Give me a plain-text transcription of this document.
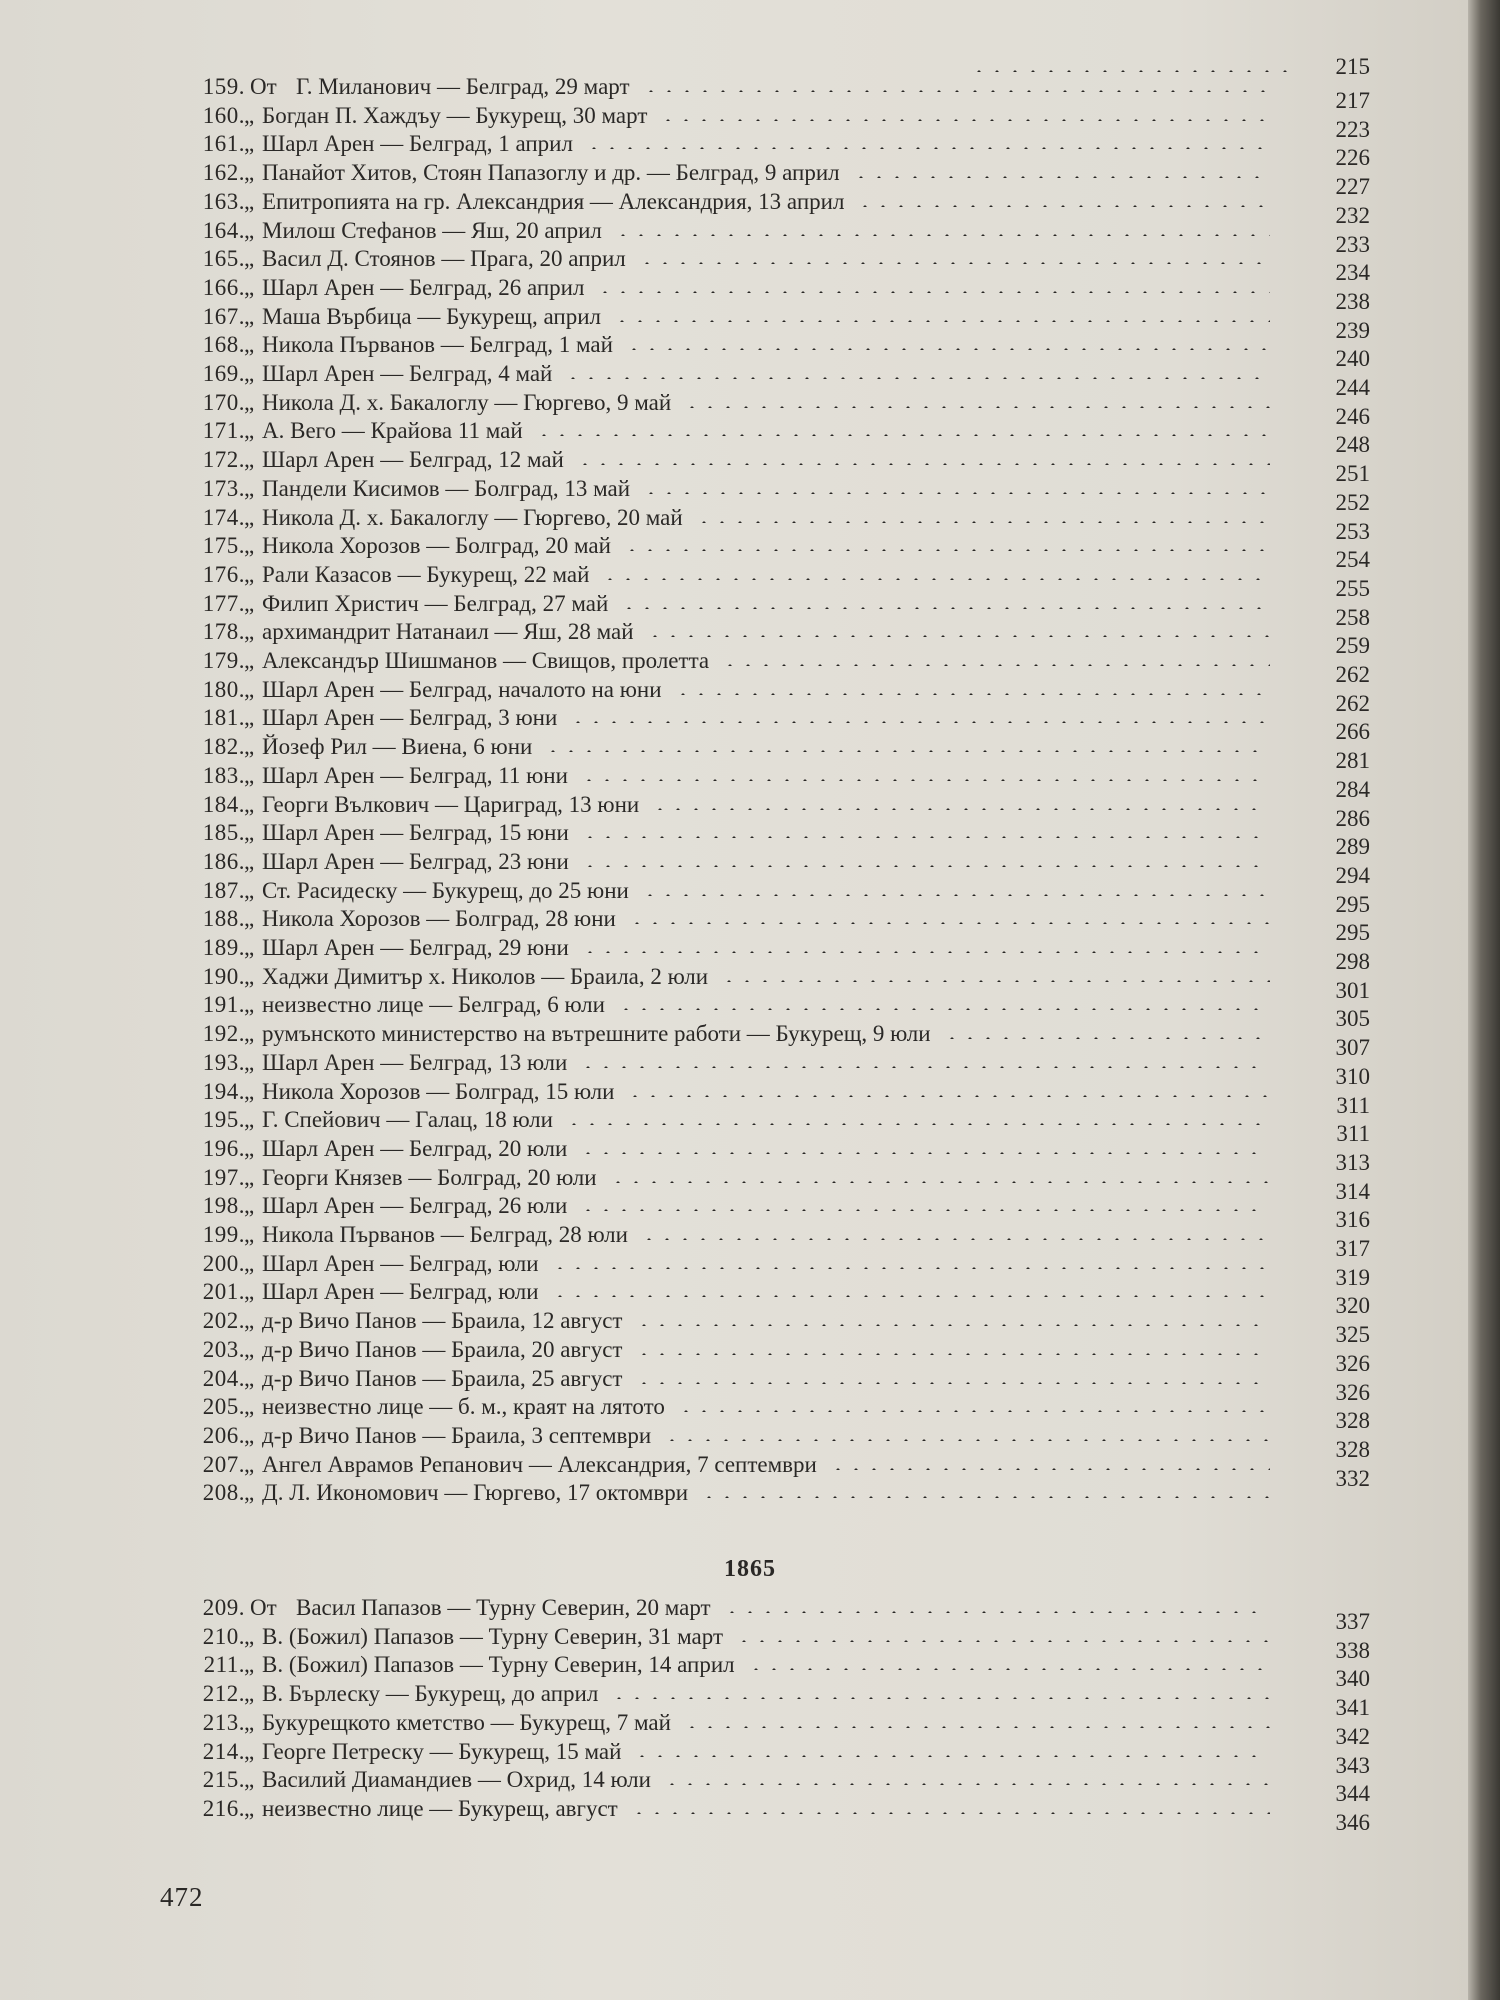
215
159. От Г. Миланович — Белград, 29 март
217
160. „ Богдан П. Хаждъу — Букурещ, 30 март
223
161. „ Шарл Арен — Белград, 1 април
226
162. „ Панайот Хитов, Стоян Папазоглу и др. — Белград, 9 април
227
163. „ Епитропията на гр. Александрия — Александрия, 13 април
232
164. „ Милош Стефанов — Яш, 20 април
233
165. „ Васил Д. Стоянов — Прага, 20 април
234
166. „ Шарл Арен — Белград, 26 април
238
167. „ Маша Върбица — Букурещ, април
239
168. „ Никола Първанов — Белград, 1 май
240
169. „ Шарл Арен — Белград, 4 май
244
170. „ Никола Д. х. Бакалоглу — Гюргево, 9 май
246
171. „ А. Вего — Крайова 11 май
248
172. „ Шарл Арен — Белград, 12 май
251
173. „ Пандели Кисимов — Болград, 13 май
252
174. „ Никола Д. х. Бакалоглу — Гюргево, 20 май
253
175. „ Никола Хорозов — Болград, 20 май
254
176. „ Рали Казасов — Букурещ, 22 май
255
177. „ Филип Христич — Белград, 27 май
258
178. „ архимандрит Натанаил — Яш, 28 май
259
179. „ Александър Шишманов — Свищов, пролетта
262
180. „ Шарл Арен — Белград, началото на юни
262
181. „ Шарл Арен — Белград, 3 юни
266
182. „ Йозеф Рил — Виена, 6 юни
281
183. „ Шарл Арен — Белград, 11 юни
284
184. „ Георги Вълкович — Цариград, 13 юни
286
185. „ Шарл Арен — Белград, 15 юни
289
186. „ Шарл Арен — Белград, 23 юни
294
187. „ Ст. Расидеску — Букурещ, до 25 юни
295
188. „ Никола Хорозов — Болград, 28 юни
295
189. „ Шарл Арен — Белград, 29 юни
298
190. „ Хаджи Димитър х. Николов — Браила, 2 юли
301
191. „ неизвестно лице — Белград, 6 юли
305
192. „ румънското министерство на вътрешните работи — Букурещ, 9 юли
307
193. „ Шарл Арен — Белград, 13 юли
310
194. „ Никола Хорозов — Болград, 15 юли
311
195. „ Г. Спейович — Галац, 18 юли
311
196. „ Шарл Арен — Белград, 20 юли
313
197. „ Георги Князев — Болград, 20 юли
314
198. „ Шарл Арен — Белград, 26 юли
316
199. „ Никола Първанов — Белград, 28 юли
317
200. „ Шарл Арен — Белград, юли
319
201. „ Шарл Арен — Белград, юли
320
202. „ д-р Вичо Панов — Браила, 12 август
325
203. „ д-р Вичо Панов — Браила, 20 август
326
204. „ д-р Вичо Панов — Браила, 25 август
326
205. „ неизвестно лице — б. м., краят на лятото
328
206. „ д-р Вичо Панов — Браила, 3 септември
328
207. „ Ангел Аврамов Репанович — Александрия, 7 септември
332
208. „ Д. Л. Икономович — Гюргево, 17 октомври
1865
209. От Васил Папазов — Турну Северин, 20 март
337
210. „ В. (Божил) Папазов — Турну Северин, 31 март
338
211. „ В. (Божил) Папазов — Турну Северин, 14 април
340
212. „ В. Бърлеску — Букурещ, до април
341
213. „ Букурещкото кметство — Букурещ, 7 май
342
214. „ Георге Петреску — Букурещ, 15 май
343
215. „ Василий Диамандиев — Охрид, 14 юли
344
216. „ неизвестно лице — Букурещ, август
346
472
